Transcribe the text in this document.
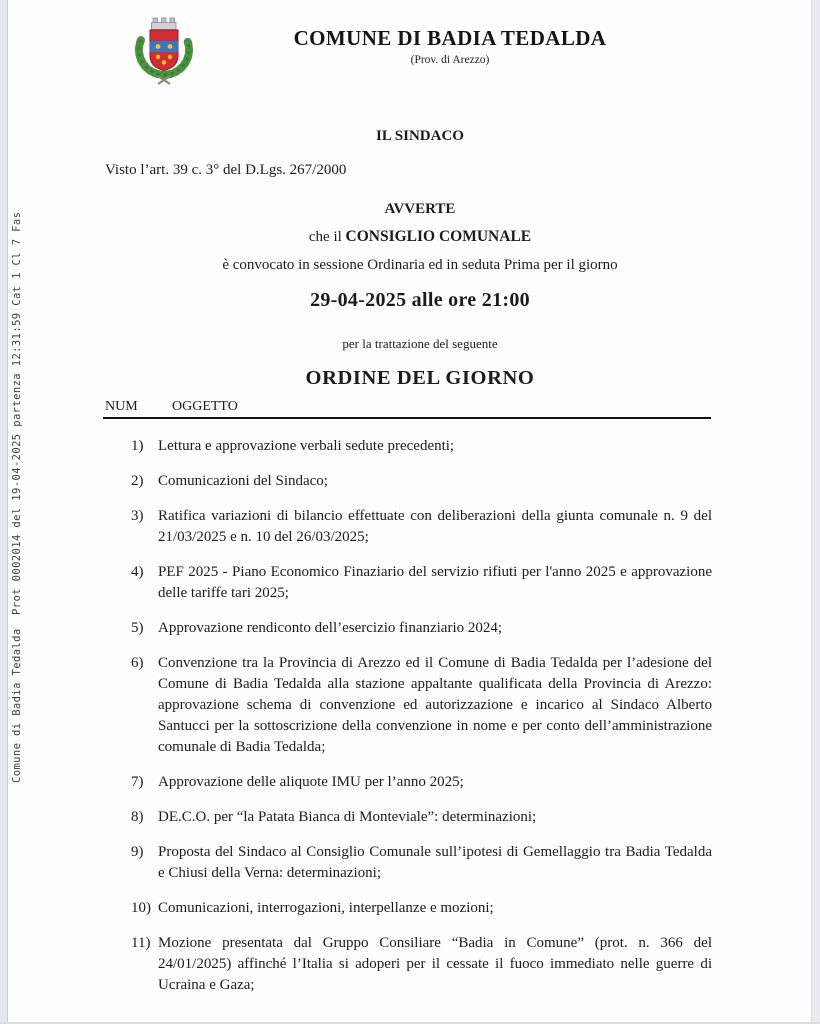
Comune di Badia Tedalda  Prot 0002014 del 19-04-2025 partenza 12:31:59 Cat 1 Cl 7 Fas
COMUNE DI BADIA TEDALDA
(Prov. di Arezzo)
IL SINDACO
Visto l’art. 39 c. 3° del D.Lgs. 267/2000
AVVERTE
che il CONSIGLIO COMUNALE
è convocato in sessione Ordinaria ed in seduta Prima per il giorno
29-04-2025 alle ore 21:00
per la trattazione del seguente
ORDINE DEL GIORNO
NUM OGGETTO
1) Lettura e approvazione verbali sedute precedenti;
2) Comunicazioni del Sindaco;
3) Ratifica variazioni di bilancio effettuate con deliberazioni della giunta comunale n. 9 del 21/03/2025 e n. 10 del 26/03/2025;
4) PEF 2025 - Piano Economico Finaziario del servizio rifiuti per l'anno 2025 e approvazione delle tariffe tari 2025;
5) Approvazione rendiconto dell’esercizio finanziario 2024;
6) Convenzione tra la Provincia di Arezzo ed il Comune di Badia Tedalda per l’adesione del Comune di Badia Tedalda alla stazione appaltante qualificata della Provincia di Arezzo: approvazione schema di convenzione ed autorizzazione e incarico al Sindaco Alberto Santucci per la sottoscrizione della convenzione in nome e per conto dell’amministrazione comunale di Badia Tedalda;
7) Approvazione delle aliquote IMU per l’anno 2025;
8) DE.C.O. per “la Patata Bianca di Monteviale”: determinazioni;
9) Proposta del Sindaco al Consiglio Comunale sull’ipotesi di Gemellaggio tra Badia Tedalda e Chiusi della Verna: determinazioni;
10) Comunicazioni, interrogazioni, interpellanze e mozioni;
11) Mozione presentata dal Gruppo Consiliare “Badia in Comune” (prot. n. 366 del 24/01/2025) affinché l’Italia si adoperi per il cessate il fuoco immediato nelle guerre di Ucraina e Gaza;
